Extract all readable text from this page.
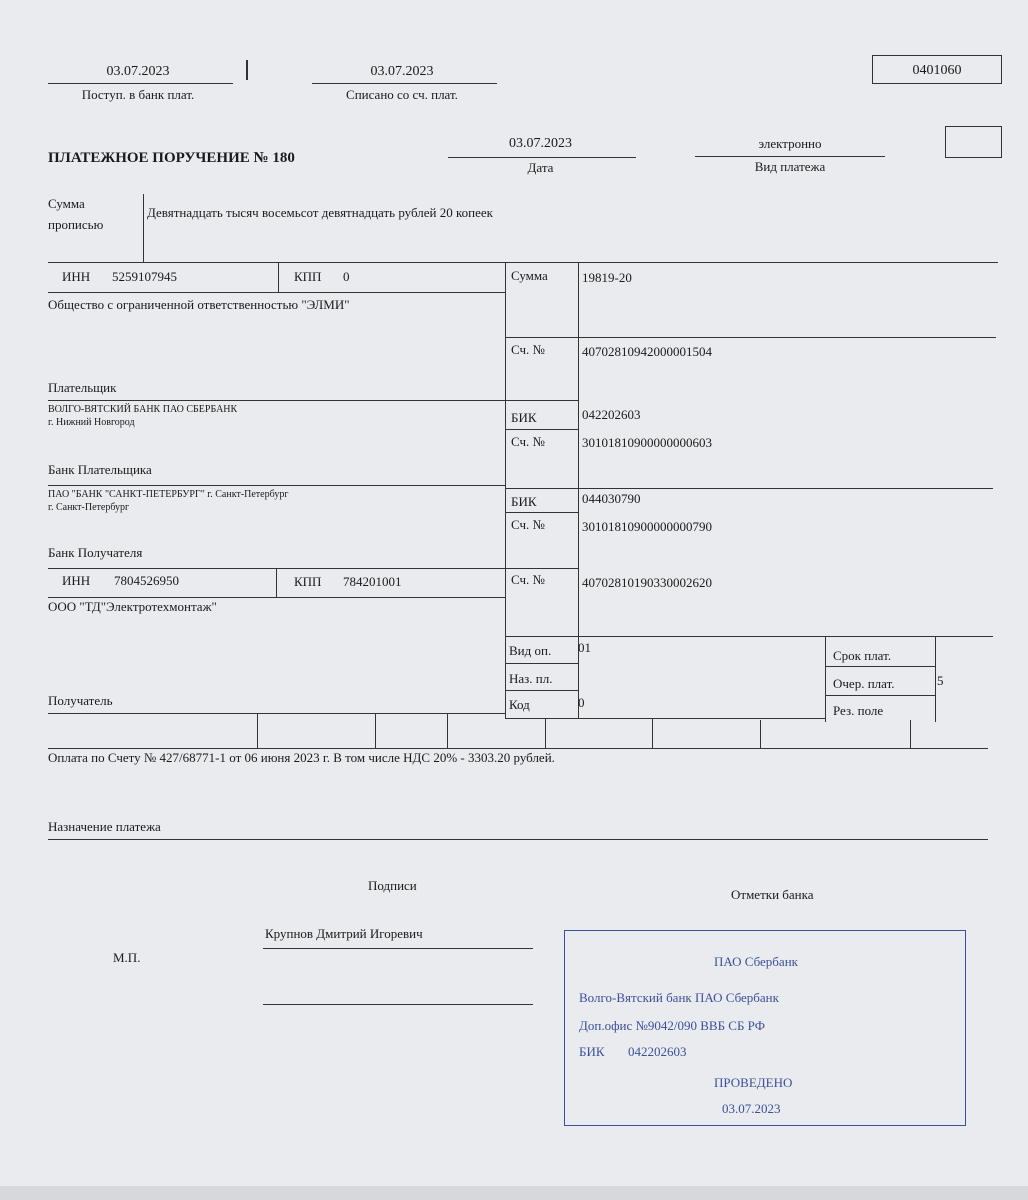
03.07.2023
Поступ. в банк плат.
03.07.2023
Списано со сч. плат.
0401060
ПЛАТЕЖНОЕ ПОРУЧЕНИЕ № 180
03.07.2023
Дата
электронно
Вид платежа
Сумма
прописью
Девятнадцать тысяч восемьсот девятнадцать рублей 20 копеек
ИНН 5259107945	КПП 0
Общество с ограниченной ответственностью "ЭЛМИ"
Плательщик
Сумма	19819-20
Сч. №	40702810942000001504
ВОЛГО-ВЯТСКИЙ БАНК ПАО СБЕРБАНК
г. Нижний Новгород
Банк Плательщика
БИК	042202603
Сч. №	30101810900000000603
ПАО "БАНК "САНКТ-ПЕТЕРБУРГ" г. Санкт-Петербург
г. Санкт-Петербург
Банк Получателя
БИК	044030790
Сч. №	30101810900000000790
ИНН 7804526950	КПП 784201001
ООО "ТД"Электротехмонтаж"
Получатель
Сч. №	40702810190330002620
Вид оп. 01
Наз. пл.
Код	0
Срок плат.
Очер. плат.	5
Рез. поле
Оплата по Счету № 427/68771-1 от 06 июня 2023 г. В том числе НДС 20% - 3303.20 рублей.
Назначение платежа
Подписи
Отметки банка
Крупнов Дмитрий Игоревич
М.П.	ПАО Сбербанк
Волго-Вятский банк ПАО Сбербанк
Доп.офис №9042/090 ВВБ СБ РФ
БИК 042202603
ПРОВЕДЕНО
03.07.2023
